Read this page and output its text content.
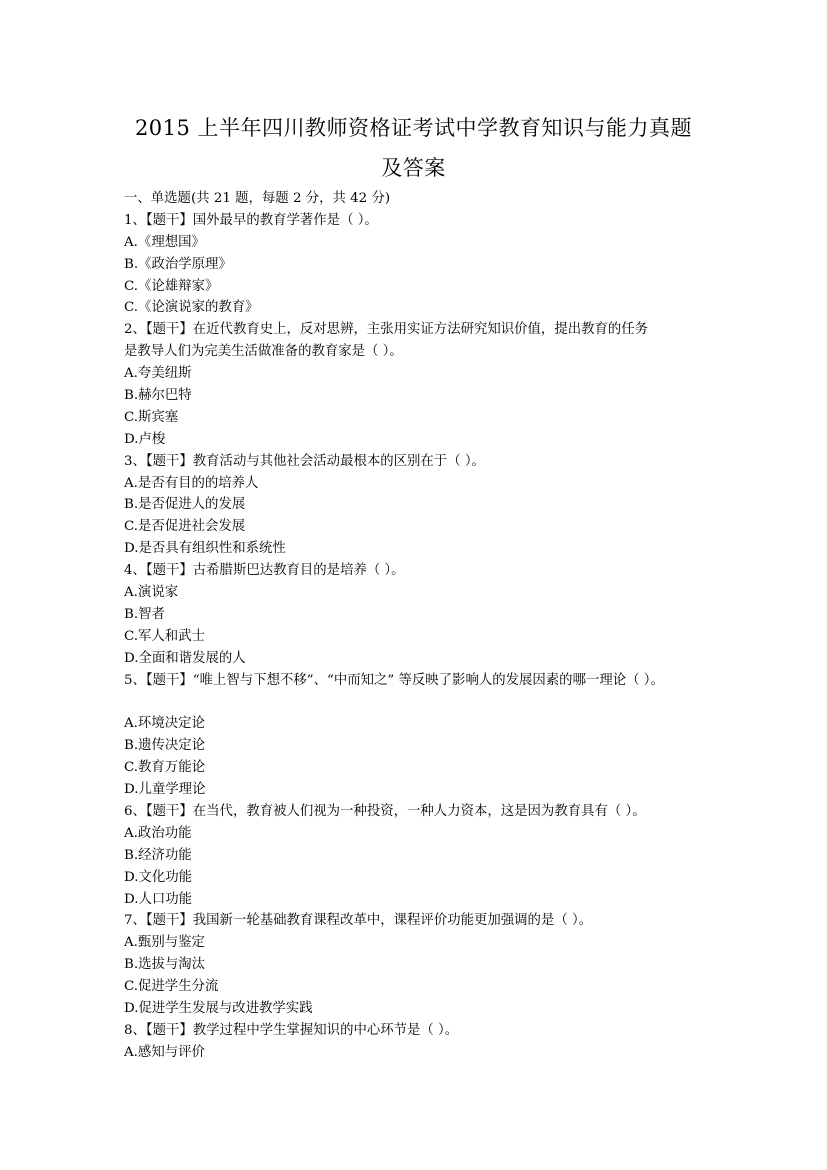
2015 上半年四川教师资格证考试中学教育知识与能力真题
及答案
一、单选题(共 21 题，每题 2 分，共 42 分)
1、【题干】国外最早的教育学著作是（ ）。
A.《理想国》
B.《政治学原理》
C.《论雄辩家》
C.《论演说家的教育》
2、【题干】在近代教育史上，反对思辨，主张用实证方法研究知识价值，提出教育的任务
是教导人们为完美生活做准备的教育家是（ ）。
A.夸美纽斯
B.赫尔巴特
C.斯宾塞
D.卢梭
3、【题干】教育活动与其他社会活动最根本的区别在于（ ）。
A.是否有目的的培养人
B.是否促进人的发展
C.是否促进社会发展
D.是否具有组织性和系统性
4、【题干】古希腊斯巴达教育目的是培养（ ）。
A.演说家
B.智者
C.军人和武士
D.全面和谐发展的人
5、【题干】“唯上智与下想不移”、“中而知之” 等反映了影响人的发展因素的哪一理论（ ）。
A.环境决定论
B.遗传决定论
C.教育万能论
D.儿童学理论
6、【题干】在当代，教育被人们视为一种投资，一种人力资本，这是因为教育具有（ ）。
A.政治功能
B.经济功能
D.文化功能
D.人口功能
7、【题干】我国新一轮基础教育课程改革中，课程评价功能更加强调的是（ ）。
A.甄别与鉴定
B.选拔与淘汰
C.促进学生分流
D.促进学生发展与改进教学实践
8、【题干】教学过程中学生掌握知识的中心环节是（ ）。
A.感知与评价
